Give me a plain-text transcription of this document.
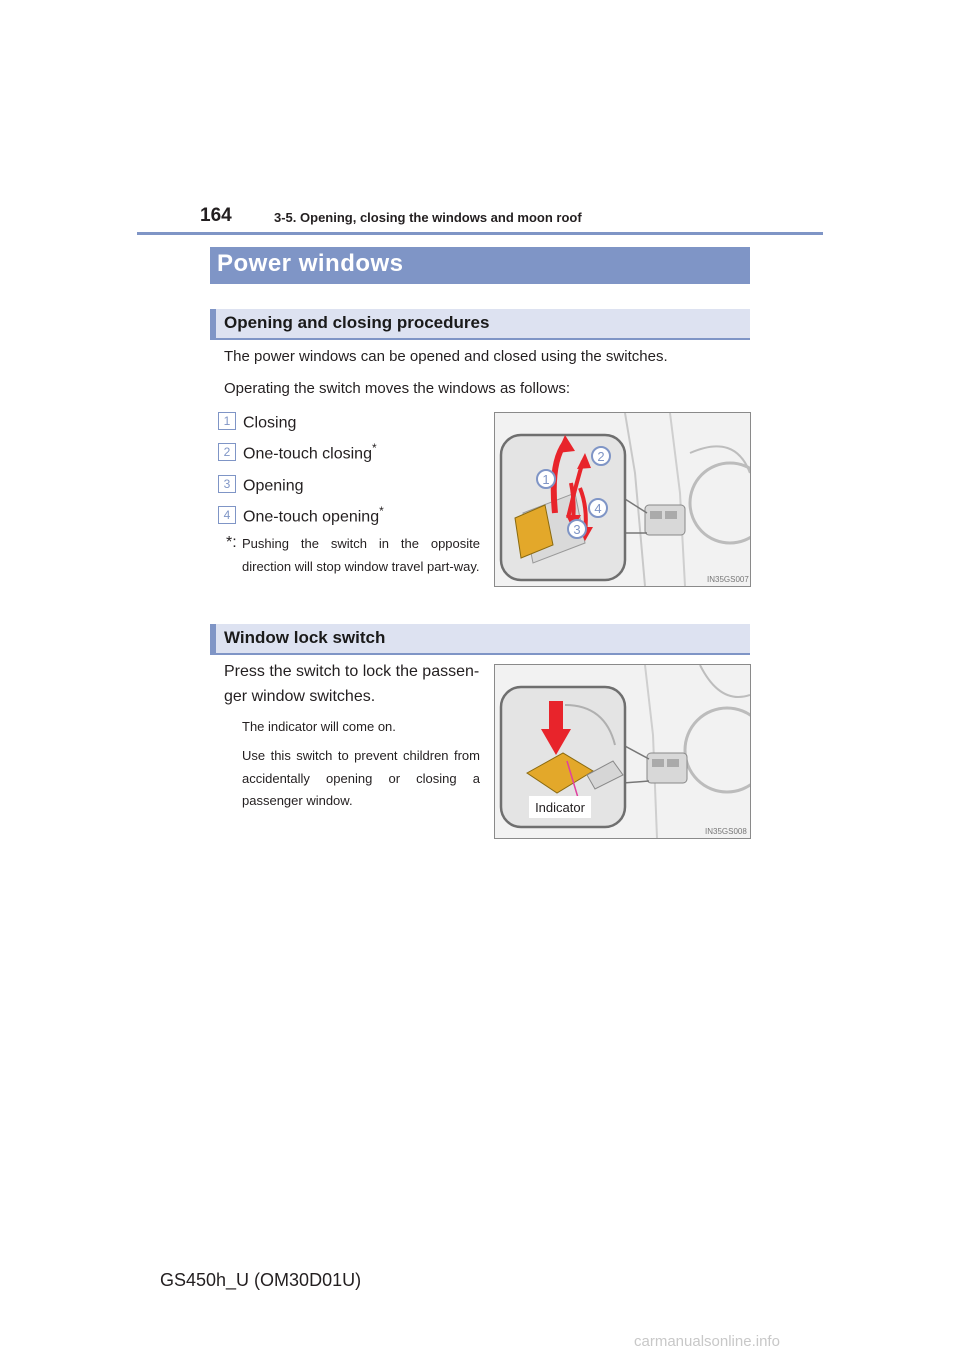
164	3-5. Opening, closing the windows and moon roof
Power windows
Opening and closing procedures
The power windows can be opened and closed using the switches.
Operating the switch moves the windows as follows:
1 Closing
2 One-touch closing*
3 Opening
4 One-touch opening*
*: Pushing the switch in the opposite direction will stop window travel part-way.
1
2
3
4
IN35GS007
Window lock switch
Press the switch to lock the passen-
ger window switches.
The indicator will come on.
Use this switch to prevent children from accidentally opening or closing a passenger window.	Indicator
IN35GS008
GS450h_U (OM30D01U)
carmanualsonline.info
